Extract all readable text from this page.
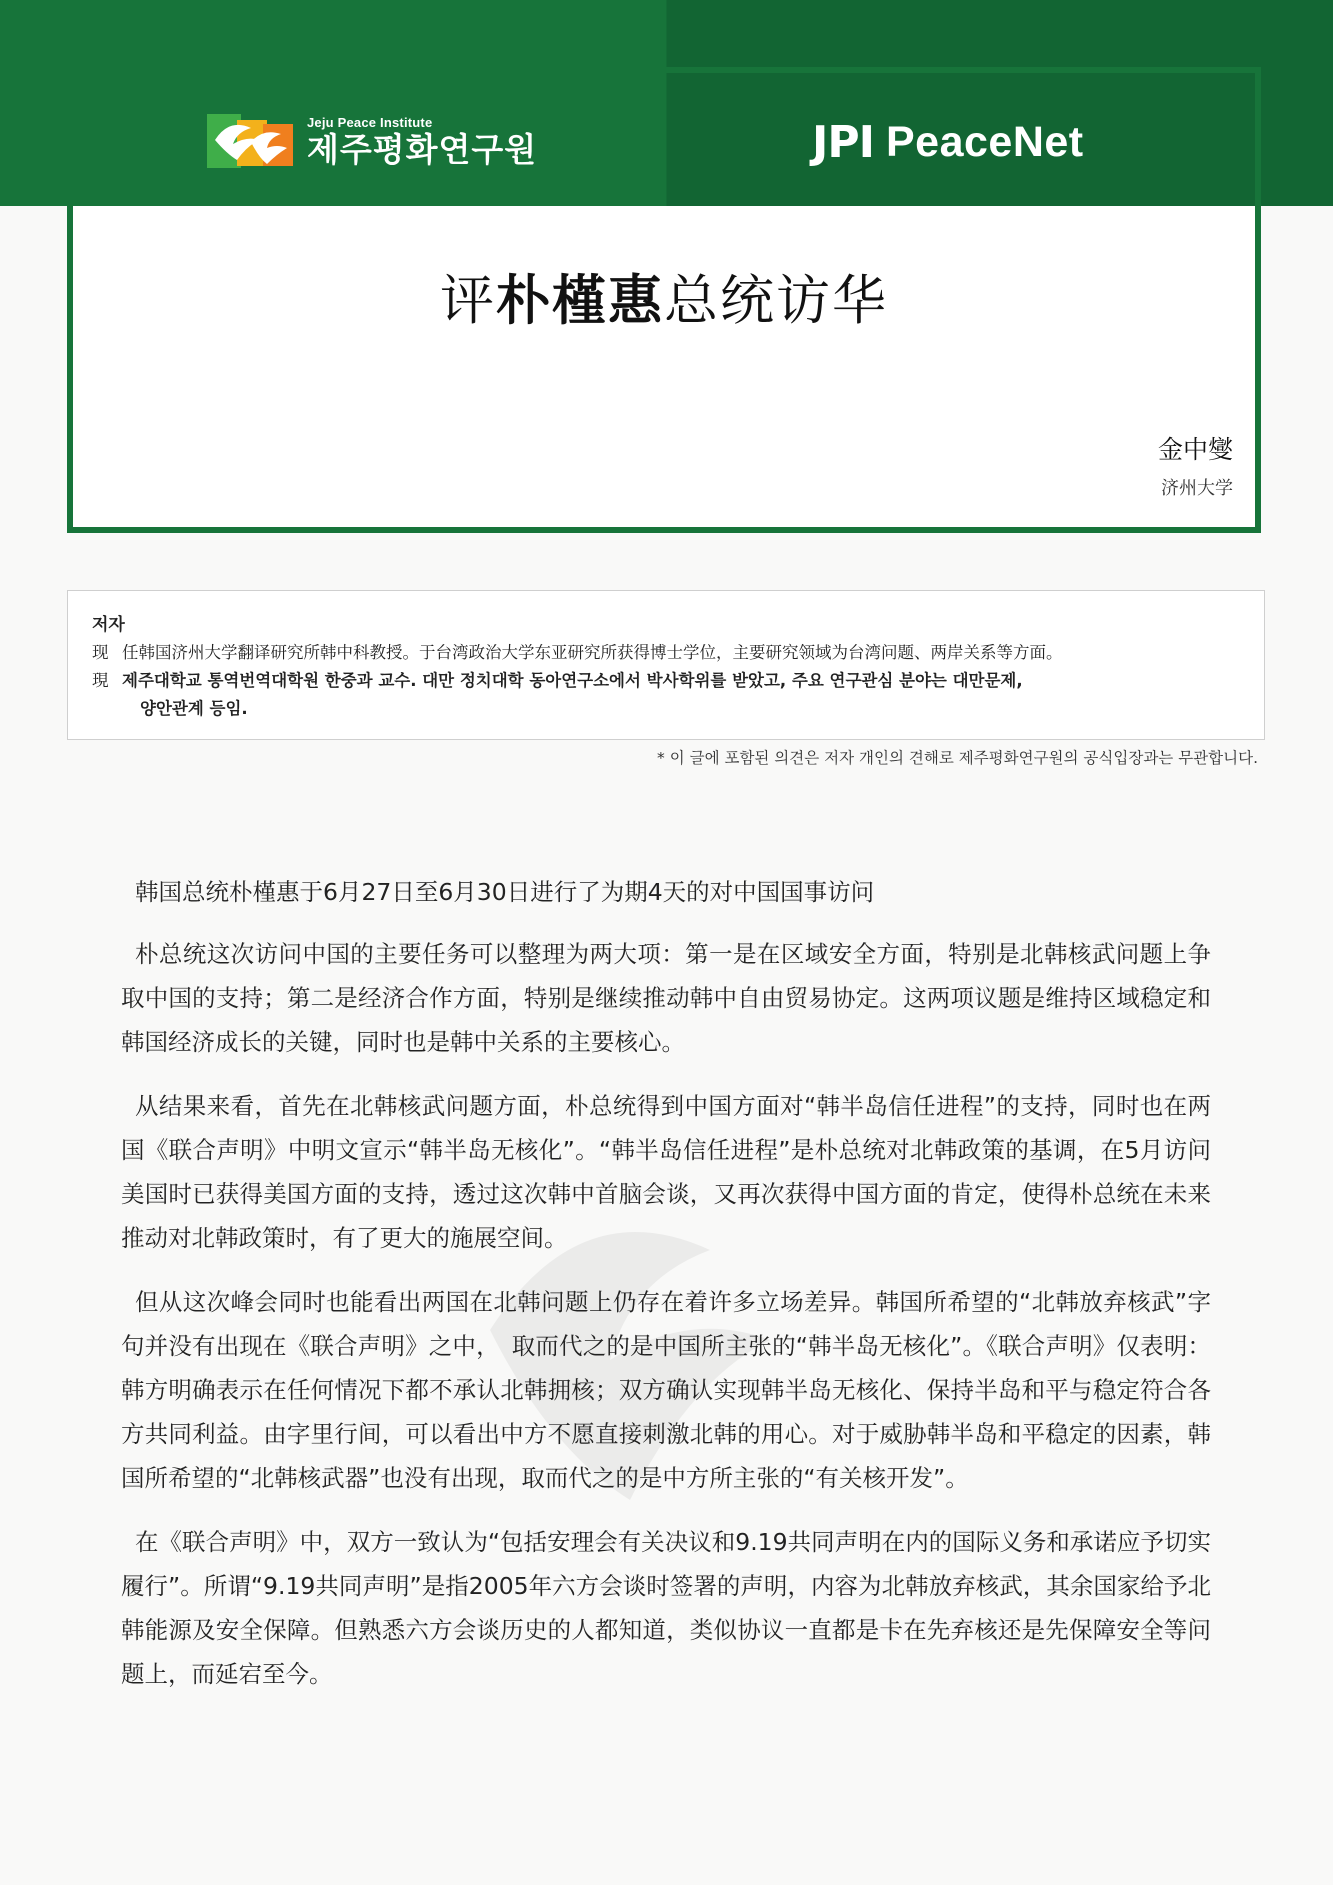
Jeju Peace Institute
제주평화연구원	JPI PeaceNet
评朴槿惠总统访华
金中燮
济州大学
저자
现 任韩国济州大学翻译研究所韩中科教授。于台湾政治大学东亚研究所获得博士学位，主要研究领域为台湾问题、两岸关系等方面。
現 제주대학교 통역번역대학원 한중과 교수. 대만 정치대학 동아연구소에서 박사학위를 받았고, 주요 연구관심 분야는 대만문제,
양안관계 등임.
* 이 글에 포함된 의견은 저자 개인의 견해로 제주평화연구원의 공식입장과는 무관합니다.

韩国总统朴槿惠于6月27日至6月30日进行了为期4天的对中国国事访问

朴总统这次访问中国的主要任务可以整理为两大项：第一是在区域安全方面，特别是北韩核武问题上争取中国的支持；第二是经济合作方面，特别是继续推动韩中自由贸易协定。这两项议题是维持区域稳定和韩国经济成长的关键，同时也是韩中关系的主要核心。

从结果来看，首先在北韩核武问题方面，朴总统得到中国方面对“韩半岛信任进程”的支持，同时也在两国《联合声明》中明文宣示“韩半岛无核化”。“韩半岛信任进程”是朴总统对北韩政策的基调，在5月访问美国时已获得美国方面的支持，透过这次韩中首脑会谈，又再次获得中国方面的肯定，使得朴总统在未来推动对北韩政策时，有了更大的施展空间。

但从这次峰会同时也能看出两国在北韩问题上仍存在着许多立场差异。韩国所希望的“北韩放弃核武”字句并没有出现在《联合声明》之中，　取而代之的是中国所主张的“韩半岛无核化”。《联合声明》仅表明：韩方明确表示在任何情况下都不承认北韩拥核；双方确认实现韩半岛无核化、保持半岛和平与稳定符合各方共同利益。由字里行间，可以看出中方不愿直接刺激北韩的用心。对于威胁韩半岛和平稳定的因素，韩国所希望的“北韩核武器”也没有出现，取而代之的是中方所主张的“有关核开发”。

在《联合声明》中，双方一致认为“包括安理会有关决议和9.19共同声明在内的国际义务和承诺应予切实履行”。所谓“9.19共同声明”是指2005年六方会谈时签署的声明，内容为北韩放弃核武，其余国家给予北韩能源及安全保障。但熟悉六方会谈历史的人都知道，类似协议一直都是卡在先弃核还是先保障安全等问题上，而延宕至今。
